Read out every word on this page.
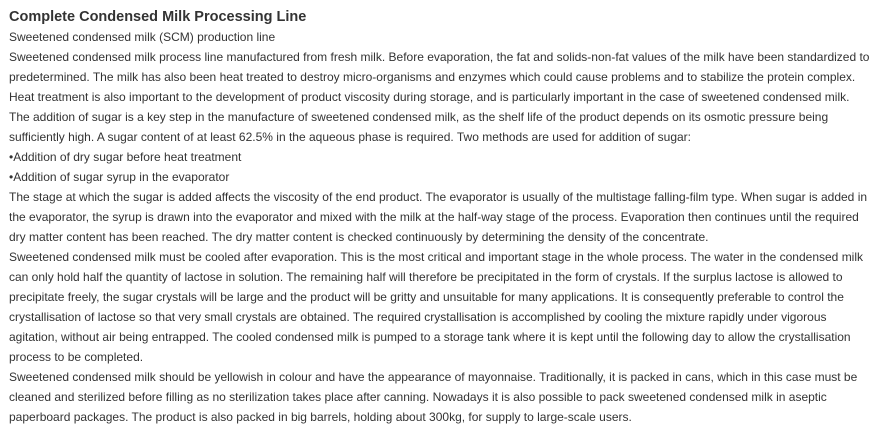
Complete Condensed Milk Processing Line

Sweetened condensed milk (SCM) production line

Sweetened condensed milk process line manufactured from fresh milk. Before evaporation, the fat and solids-non-fat values of the milk have been standardized to predetermined. The milk has also been heat treated to destroy micro-organisms and enzymes which could cause problems and to stabilize the protein complex. Heat treatment is also important to the development of product viscosity during storage, and is particularly important in the case of sweetened condensed milk.

The addition of sugar is a key step in the manufacture of sweetened condensed milk, as the shelf life of the product depends on its osmotic pressure being sufficiently high. A sugar content of at least 62.5% in the aqueous phase is required. Two methods are used for addition of sugar:

•Addition of dry sugar before heat treatment

•Addition of sugar syrup in the evaporator

The stage at which the sugar is added affects the viscosity of the end product. The evaporator is usually of the multistage falling-film type. When sugar is added in the evaporator, the syrup is drawn into the evaporator and mixed with the milk at the half-way stage of the process. Evaporation then continues until the required dry matter content has been reached. The dry matter content is checked continuously by determining the density of the concentrate.

Sweetened condensed milk must be cooled after evaporation. This is the most critical and important stage in the whole process. The water in the condensed milk can only hold half the quantity of lactose in solution. The remaining half will therefore be precipitated in the form of crystals. If the surplus lactose is allowed to precipitate freely, the sugar crystals will be large and the product will be gritty and unsuitable for many applications. It is consequently preferable to control the crystallisation of lactose so that very small crystals are obtained. The required crystallisation is accomplished by cooling the mixture rapidly under vigorous agitation, without air being entrapped. The cooled condensed milk is pumped to a storage tank where it is kept until the following day to allow the crystallisation process to be completed.

Sweetened condensed milk should be yellowish in colour and have the appearance of mayonnaise. Traditionally, it is packed in cans, which in this case must be cleaned and sterilized before filling as no sterilization takes place after canning. Nowadays it is also possible to pack sweetened condensed milk in aseptic paperboard packages. The product is also packed in big barrels, holding about 300kg, for supply to large-scale users.
